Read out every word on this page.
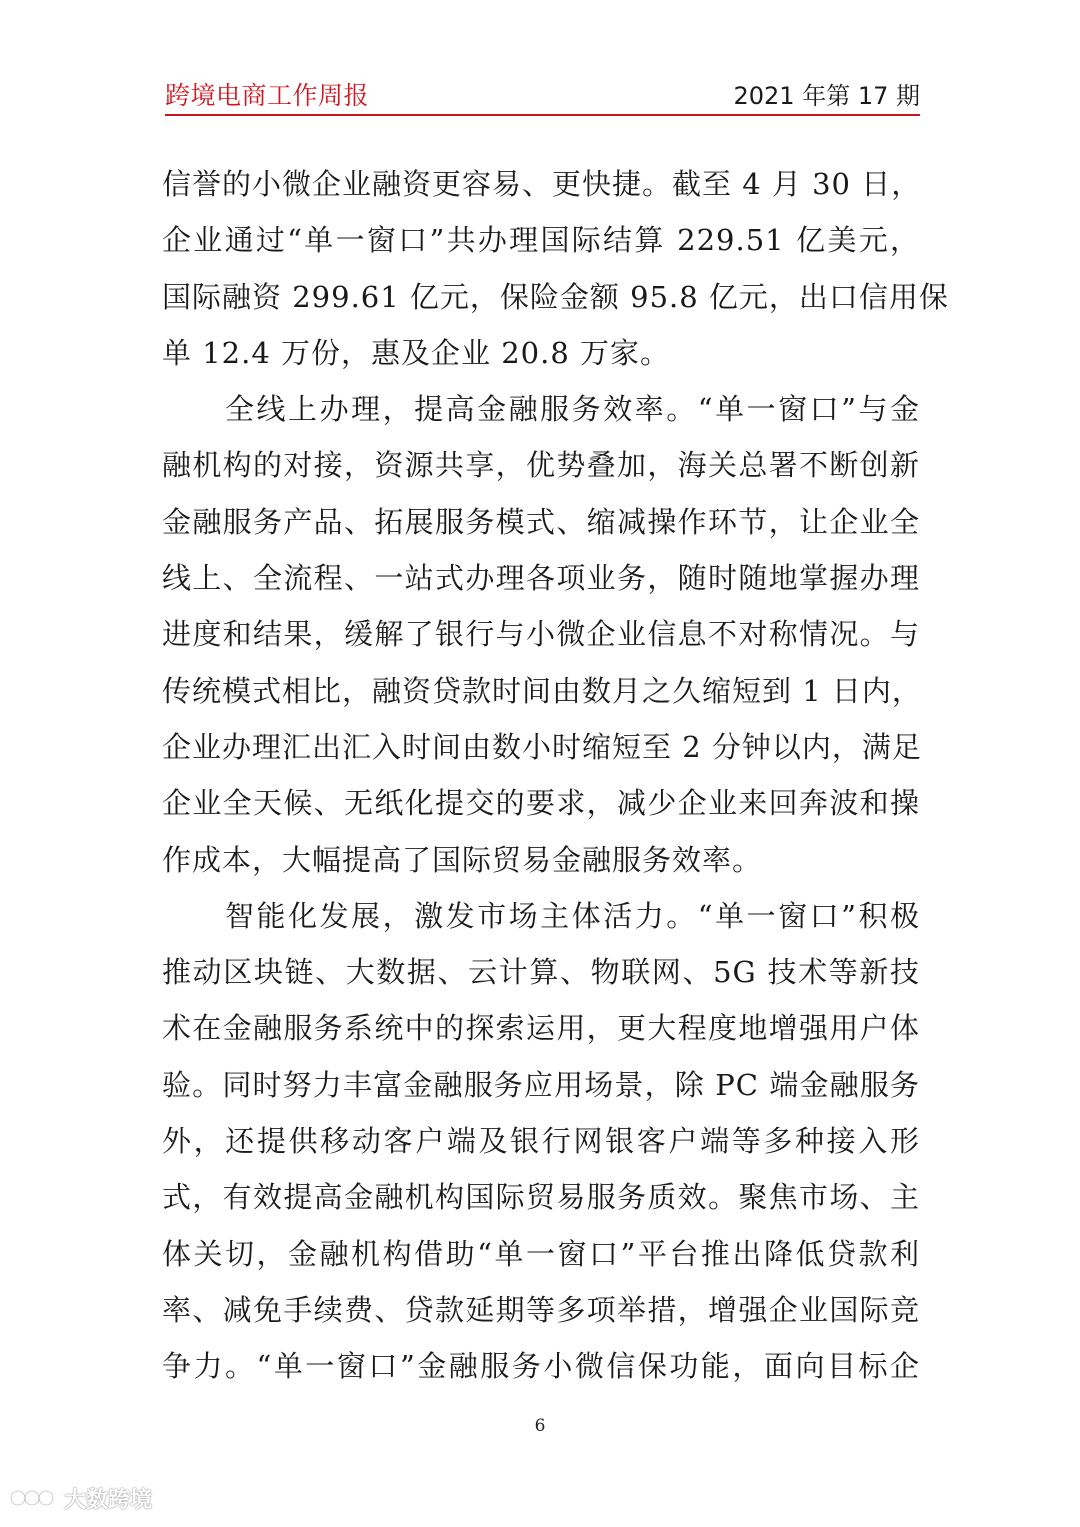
跨境电商工作周报	2021 年第 17 期
信誉的小微企业融资更容易、更快捷。截至 4 月 30 日，
企业通过“单一窗口”共办理国际结算 229.51 亿美元，
国际融资 299.61 亿元，保险金额 95.8 亿元，出口信用保
单 12.4 万份，惠及企业 20.8 万家。
　　全线上办理，提高金融服务效率。“单一窗口”与金
融机构的对接，资源共享，优势叠加，海关总署不断创新
金融服务产品、拓展服务模式、缩减操作环节，让企业全
线上、全流程、一站式办理各项业务，随时随地掌握办理
进度和结果，缓解了银行与小微企业信息不对称情况。与
传统模式相比，融资贷款时间由数月之久缩短到 1 日内，
企业办理汇出汇入时间由数小时缩短至 2 分钟以内，满足
企业全天候、无纸化提交的要求，减少企业来回奔波和操
作成本，大幅提高了国际贸易金融服务效率。
　　智能化发展，激发市场主体活力。“单一窗口”积极
推动区块链、大数据、云计算、物联网、5G 技术等新技
术在金融服务系统中的探索运用，更大程度地增强用户体
验。同时努力丰富金融服务应用场景，除 PC 端金融服务
外，还提供移动客户端及银行网银客户端等多种接入形
式，有效提高金融机构国际贸易服务质效。聚焦市场、主
体关切，金融机构借助“单一窗口”平台推出降低贷款利
率、减免手续费、贷款延期等多项举措，增强企业国际竞
争力。“单一窗口”金融服务小微信保功能，面向目标企
6
大数跨境
